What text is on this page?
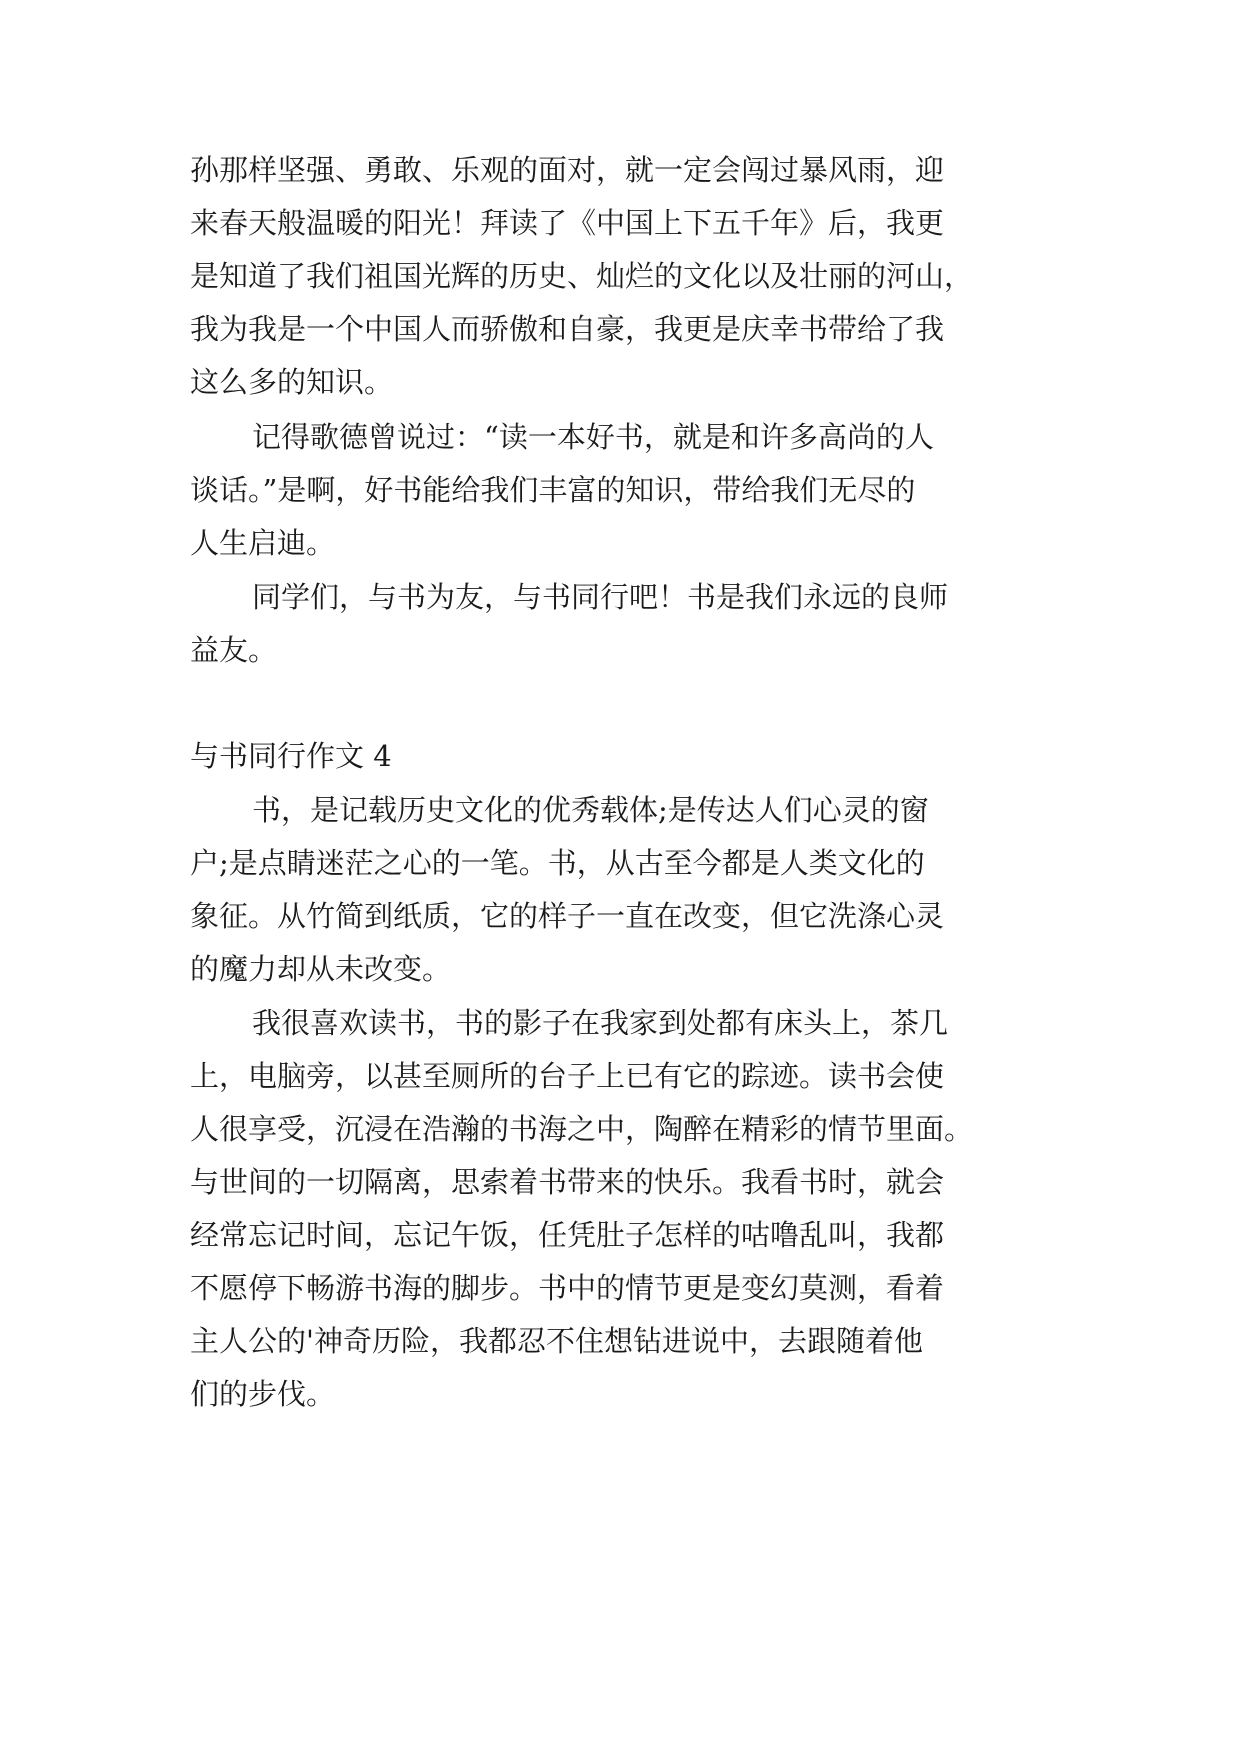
孙那样坚强、勇敢、乐观的面对，就一定会闯过暴风雨，迎
来春天般温暖的阳光！拜读了《中国上下五千年》后，我更
是知道了我们祖国光辉的历史、灿烂的文化以及壮丽的河山，
我为我是一个中国人而骄傲和自豪，我更是庆幸书带给了我
这么多的知识。
记得歌德曾说过：“读一本好书，就是和许多高尚的人
谈话。”是啊，好书能给我们丰富的知识，带给我们无尽的
人生启迪。
同学们，与书为友，与书同行吧！书是我们永远的良师
益友。
与书同行作文 4
书，是记载历史文化的优秀载体;是传达人们心灵的窗
户;是点睛迷茫之心的一笔。书，从古至今都是人类文化的
象征。从竹简到纸质，它的样子一直在改变，但它洗涤心灵
的魔力却从未改变。
我很喜欢读书，书的影子在我家到处都有床头上，茶几
上，电脑旁，以甚至厕所的台子上已有它的踪迹。读书会使
人很享受，沉浸在浩瀚的书海之中，陶醉在精彩的情节里面。
与世间的一切隔离，思索着书带来的快乐。我看书时，就会
经常忘记时间，忘记午饭，任凭肚子怎样的咕噜乱叫，我都
不愿停下畅游书海的脚步。书中的情节更是变幻莫测，看着
主人公的'神奇历险，我都忍不住想钻进说中，去跟随着他
们的步伐。
